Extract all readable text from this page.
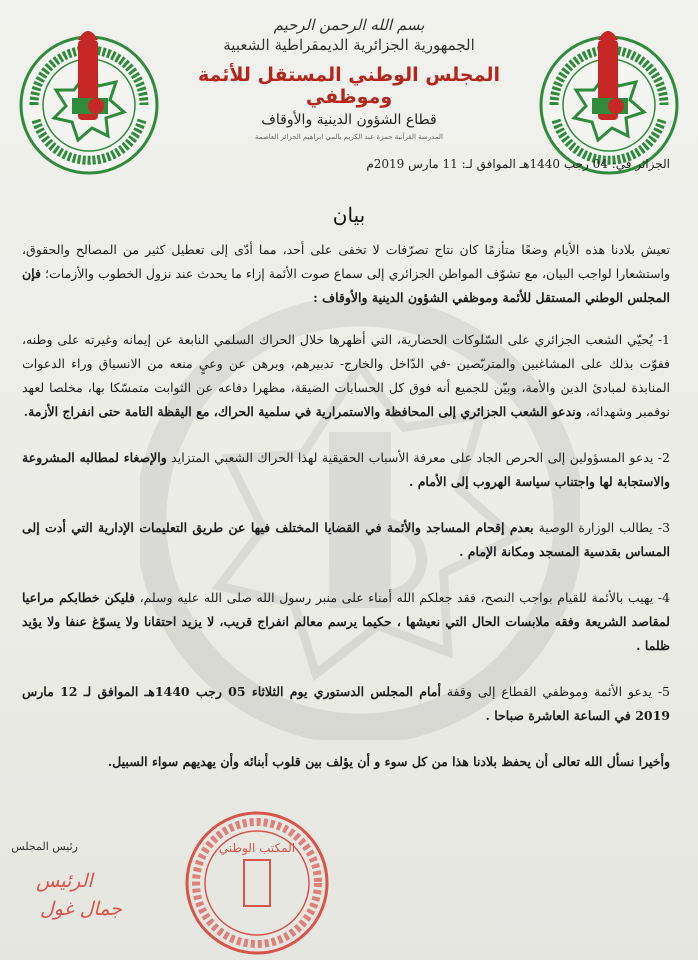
بسم الله الرحمن الرحيم
الجمهورية الجزائرية الديمقراطية الشعبية
المجلس الوطني المستقل للأئمة وموظفي
قطاع الشؤون الدينية والأوقاف
المدرسة القرآنية حمزة عبد الكريم بالمي ابراهيم الجزائر العاصمة
الجزائر في: 04 رجب 1440هـ الموافق لـ: 11 مارس 2019م
بيان

تعيش بلادنا هذه الأيام وضعًا متأزمًا كان نتاج تصرّفات لا تخفى على أحد، مما أدّى إلى تعطيل كثير من المصالح والحقوق، واستشعارا لواجب البيان، مع تشوّف المواطن الجزائري إلى سماع صوت الأئمة إزاء ما يحدث عند نزول الخطوب والأزمات؛ فإن المجلس الوطني المستقل للأئمة وموظفي الشؤون الدينية والأوقاف :

1- يُحيّي الشعب الجزائري على السّلوكات الحضارية، التي أظهرها خلال الحراك السلمي النابعة عن إيمانه وغيرته على وطنه، ففوّت بذلك على المشاغبين والمتربّصين -في الدّاخل والخارج- تدبيرهم، وبرهن عن وعيٍ منعه من الانسياق وراء الدعوات المنابذة لمبادئ الدين والأمة، وبيّن للجميع أنه فوق كل الحسابات الضيقة، مظهرا دفاعه عن الثوابت متمسّكا بها، مخلصا لعهد نوفمبر وشهدائه، وندعو الشعب الجزائري إلى المحافظة والاستمرارية في سلمية الحراك، مع اليقظة التامة حتى انفراج الأزمة.

2- يدعو المسؤولين إلى الحرص الجاد على معرفة الأسباب الحقيقية لهذا الحراك الشعبي المتزايد والإصغاء لمطالبه المشروعة والاستجابة لها واجتناب سياسة الهروب إلى الأمام .

3- يطالب الوزارة الوصية بعدم إقحام المساجد والأئمة في القضايا المختلف فيها عن طريق التعليمات الإدارية التي أدت إلى المساس بقدسية المسجد ومكانة الإمام .

4- يهيب بالأئمة للقيام بواجب النصح، فقد جعلكم الله أمناء على منبر رسول الله صلى الله عليه وسلم، فليكن خطابكم مراعيا لمقاصد الشريعة وفقه ملابسات الحال التي نعيشها ، حكيما يرسم معالم انفراج قريب، لا يزيد احتقانا ولا يسوّغ عنفا ولا يؤيد ظلما .

5- يدعو الأئمة وموظفي القطاع إلى وقفة أمام المجلس الدستوري يوم الثلاثاء 05 رجب 1440هـ الموافق لـ 12 مارس 2019 في الساعة العاشرة صباحا .

وأخيرا نسأل الله تعالى أن يحفظ بلادنا هذا من كل سوء و أن يؤلف بين قلوب أبنائه وأن يهديهم سواء السبيل.

رئيس المجلس	المكتب الوطني
الرئيس
جمال غول
